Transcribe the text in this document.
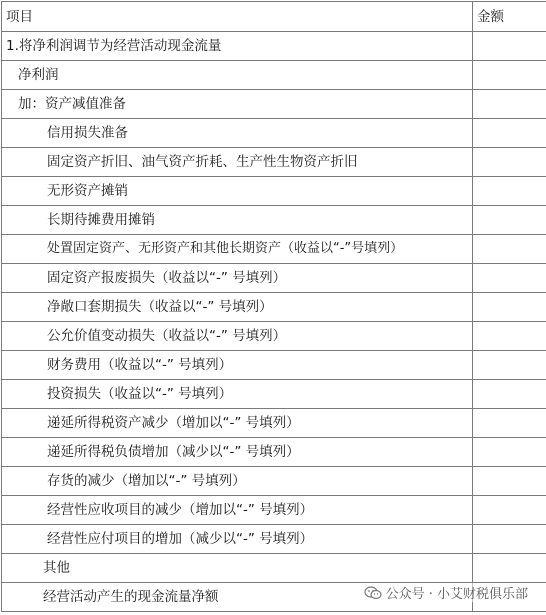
项目	金额
1.将净利润调节为经营活动现金流量	
净利润	
加：资产减值准备	
信用损失准备	
固定资产折旧、油气资产折耗、生产性生物资产折旧	
无形资产摊销	
长期待摊费用摊销	
处置固定资产、无形资产和其他长期资产（收益以“-”号填列）	
固定资产报废损失（收益以“-” 号填列）	
净敞口套期损失（收益以“-” 号填列）	
公允价值变动损失（收益以“-” 号填列）	
财务费用（收益以“-” 号填列）	
投资损失（收益以“-” 号填列）	
递延所得税资产减少（增加以“-” 号填列）	
递延所得税负债增加（减少以“-” 号填列）	
存货的减少（增加以“-” 号填列）	
经营性应收项目的减少（增加以“-” 号填列）	
经营性应付项目的增加（减少以“-” 号填列）	
其他	
经营活动产生的现金流量净额		公众号 · 小艾财税俱乐部
